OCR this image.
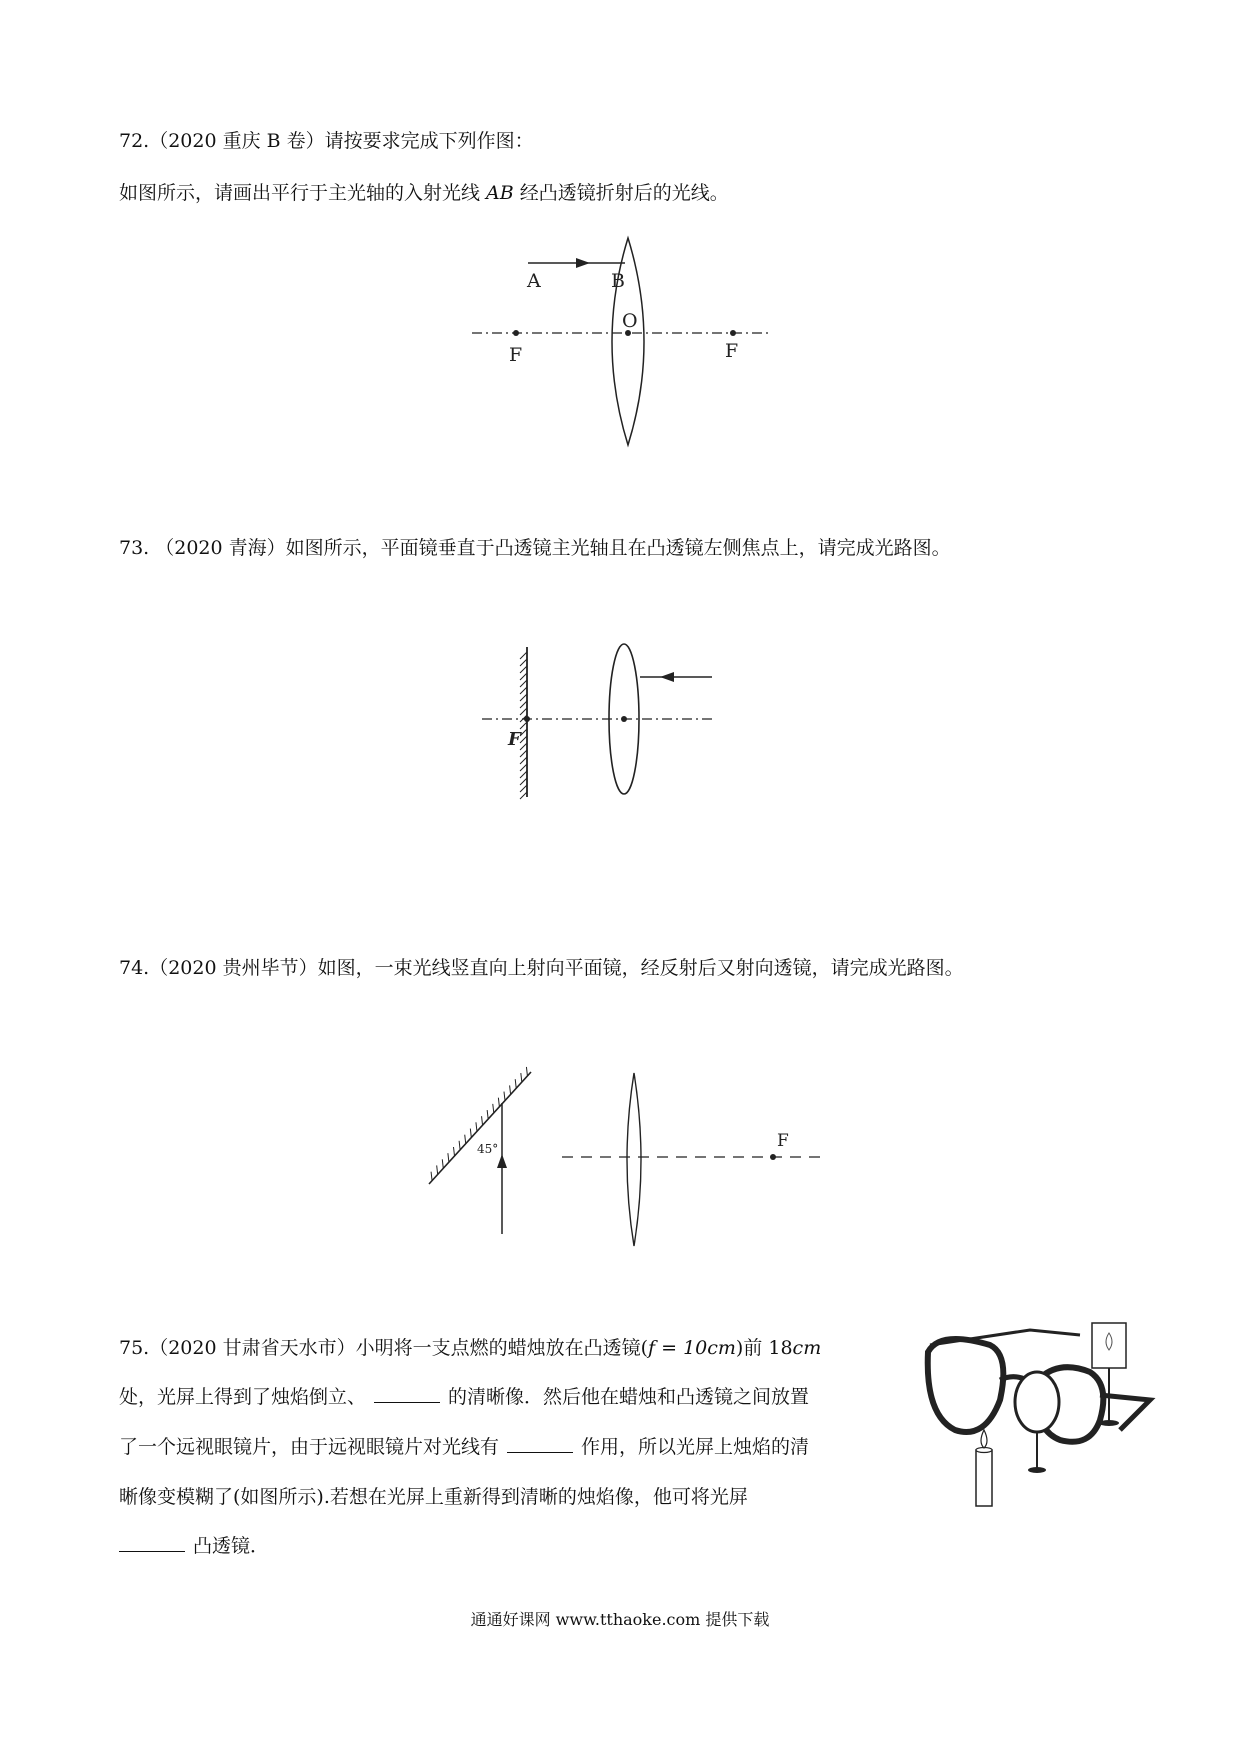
72.（2020 重庆 B 卷）请按要求完成下列作图：
如图所示，请画出平行于主光轴的入射光线 AB 经凸透镜折射后的光线。
A	B
O
F	F
73. （2020 青海）如图所示，平面镜垂直于凸透镜主光轴且在凸透镜左侧焦点上，请完成光路图。
F
74.（2020 贵州毕节）如图，一束光线竖直向上射向平面镜，经反射后又射向透镜，请完成光路图。
45°	F
75.（2020 甘肃省天水市）小明将一支点燃的蜡烛放在凸透镜(f = 10cm)前 18cm
处，光屏上得到了烛焰倒立、	的清晰像．然后他在蜡烛和凸透镜之间放置
了一个远视眼镜片，由于远视眼镜片对光线有	作用，所以光屏上烛焰的清
晰像变模糊了(如图所示).若想在光屏上重新得到清晰的烛焰像，他可将光屏
凸透镜．
通通好课网 www.tthaoke.com 提供下载
